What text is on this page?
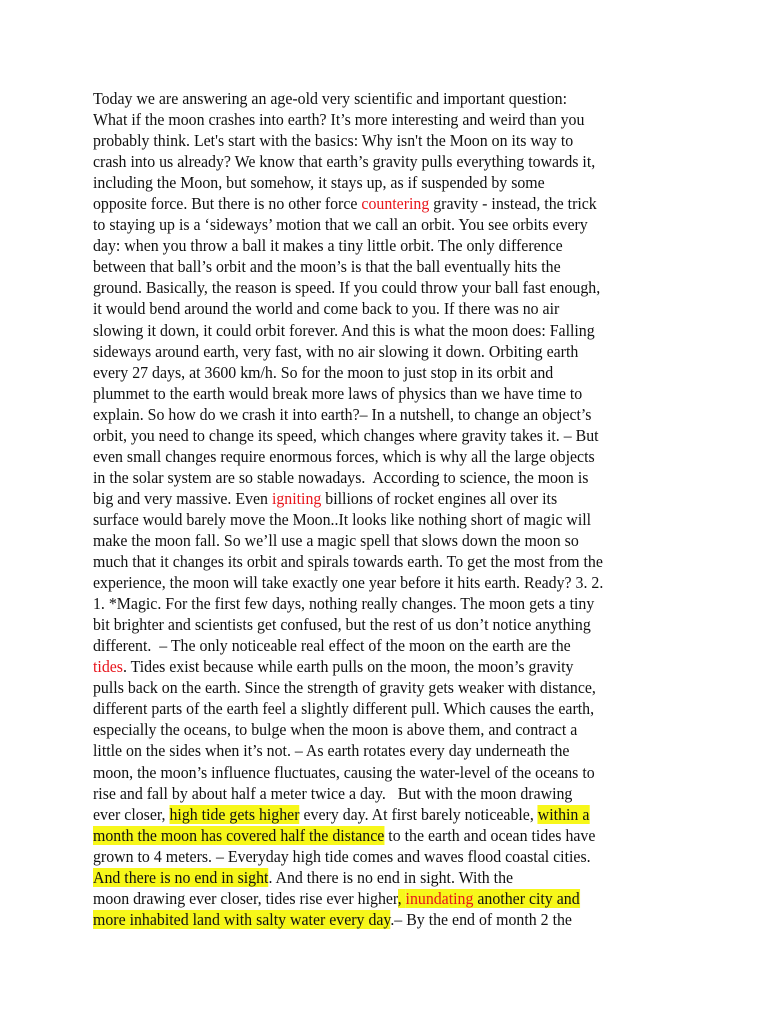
Today we are answering an age-old very scientific and important question:
What if the moon crashes into earth? It’s more interesting and weird than you
probably think. Let's start with the basics: Why isn't the Moon on its way to
crash into us already? We know that earth’s gravity pulls everything towards it,
including the Moon, but somehow, it stays up, as if suspended by some
opposite force. But there is no other force countering gravity - instead, the trick
to staying up is a ‘sideways’ motion that we call an orbit. You see orbits every
day: when you throw a ball it makes a tiny little orbit. The only difference
between that ball’s orbit and the moon’s is that the ball eventually hits the
ground. Basically, the reason is speed. If you could throw your ball fast enough,
it would bend around the world and come back to you. If there was no air
slowing it down, it could orbit forever. And this is what the moon does: Falling
sideways around earth, very fast, with no air slowing it down. Orbiting earth
every 27 days, at 3600 km/h. So for the moon to just stop in its orbit and
plummet to the earth would break more laws of physics than we have time to
explain. So how do we crash it into earth?– In a nutshell, to change an object’s
orbit, you need to change its speed, which changes where gravity takes it. – But
even small changes require enormous forces, which is why all the large objects
in the solar system are so stable nowadays.  According to science, the moon is
big and very massive. Even igniting billions of rocket engines all over its
surface would barely move the Moon..It looks like nothing short of magic will
make the moon fall. So we’ll use a magic spell that slows down the moon so
much that it changes its orbit and spirals towards earth. To get the most from the
experience, the moon will take exactly one year before it hits earth. Ready? 3. 2.
1. *Magic. For the first few days, nothing really changes. The moon gets a tiny
bit brighter and scientists get confused, but the rest of us don’t notice anything
different.  – The only noticeable real effect of the moon on the earth are the
tides. Tides exist because while earth pulls on the moon, the moon’s gravity
pulls back on the earth. Since the strength of gravity gets weaker with distance,
different parts of the earth feel a slightly different pull. Which causes the earth,
especially the oceans, to bulge when the moon is above them, and contract a
little on the sides when it’s not. – As earth rotates every day underneath the
moon, the moon’s influence fluctuates, causing the water-level of the oceans to
rise and fall by about half a meter twice a day.   But with the moon drawing
ever closer, high tide gets higher every day. At first barely noticeable, within a
month the moon has covered half the distance to the earth and ocean tides have
grown to 4 meters. – Everyday high tide comes and waves flood coastal cities.
And there is no end in sight. And there is no end in sight. With the
moon drawing ever closer, tides rise ever higher, inundating another city and
more inhabited land with salty water every day.– By the end of month 2 the
